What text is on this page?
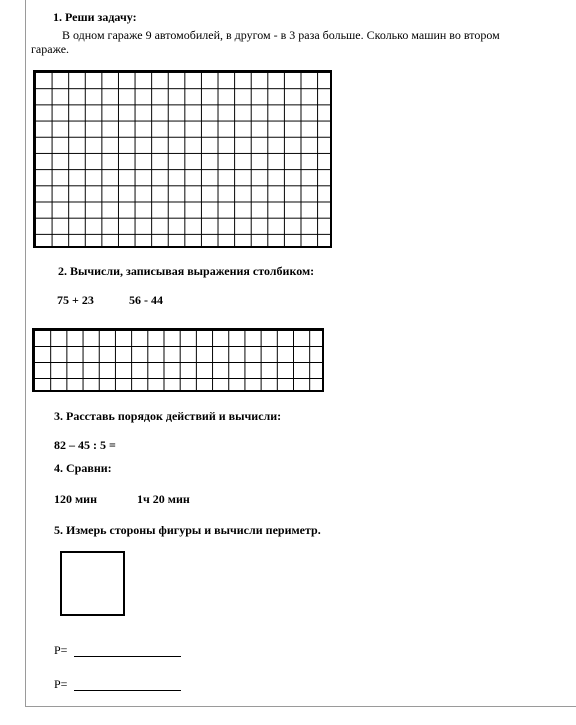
1. Реши задачу:
В одном гараже 9 автомобилей, в другом - в 3 раза больше. Сколько машин во втором
гараже.
2. Вычисли, записывая выражения столбиком:
75 + 23	56 - 44
3. Расставь порядок действий и вычисли:
82 – 45 : 5 =
4. Сравни:
120 мин	1ч 20 мин
5. Измерь стороны фигуры и вычисли периметр.
Р=
Р=
